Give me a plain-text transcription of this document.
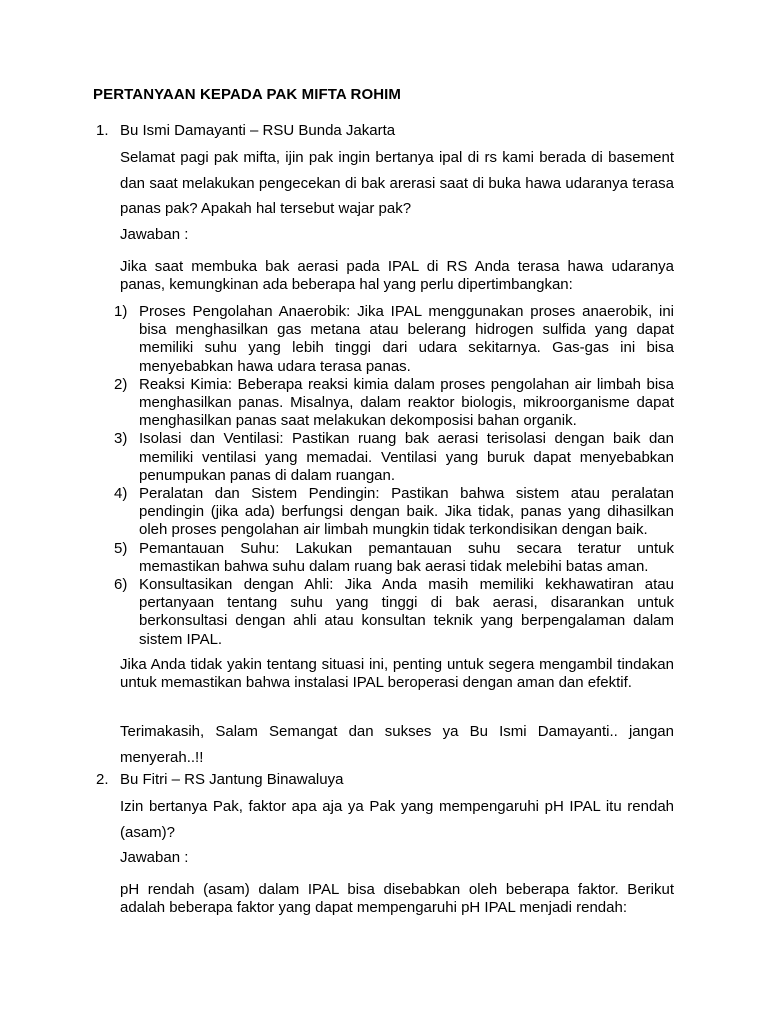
PERTANYAAN KEPADA PAK MIFTA ROHIM
1. Bu Ismi Damayanti – RSU Bunda Jakarta

Selamat pagi pak mifta, ijin pak ingin bertanya ipal di rs kami berada di basement dan saat melakukan pengecekan di bak arerasi saat di buka hawa udaranya terasa panas pak? Apakah hal tersebut wajar pak?

Jawaban :

Jika saat membuka bak aerasi pada IPAL di RS Anda terasa hawa udaranya panas, kemungkinan ada beberapa hal yang perlu dipertimbangkan:
1) Proses Pengolahan Anaerobik: Jika IPAL menggunakan proses anaerobik, ini bisa menghasilkan gas metana atau belerang hidrogen sulfida yang dapat memiliki suhu yang lebih tinggi dari udara sekitarnya. Gas-gas ini bisa menyebabkan hawa udara terasa panas.
2) Reaksi Kimia: Beberapa reaksi kimia dalam proses pengolahan air limbah bisa menghasilkan panas. Misalnya, dalam reaktor biologis, mikroorganisme dapat menghasilkan panas saat melakukan dekomposisi bahan organik.
3) Isolasi dan Ventilasi: Pastikan ruang bak aerasi terisolasi dengan baik dan memiliki ventilasi yang memadai. Ventilasi yang buruk dapat menyebabkan penumpukan panas di dalam ruangan.
4) Peralatan dan Sistem Pendingin: Pastikan bahwa sistem atau peralatan pendingin (jika ada) berfungsi dengan baik. Jika tidak, panas yang dihasilkan oleh proses pengolahan air limbah mungkin tidak terkondisikan dengan baik.
5) Pemantauan Suhu: Lakukan pemantauan suhu secara teratur untuk memastikan bahwa suhu dalam ruang bak aerasi tidak melebihi batas aman.
6) Konsultasikan dengan Ahli: Jika Anda masih memiliki kekhawatiran atau pertanyaan tentang suhu yang tinggi di bak aerasi, disarankan untuk berkonsultasi dengan ahli atau konsultan teknik yang berpengalaman dalam sistem IPAL.
Jika Anda tidak yakin tentang situasi ini, penting untuk segera mengambil tindakan untuk memastikan bahwa instalasi IPAL beroperasi dengan aman dan efektif.
Terimakasih, Salam Semangat dan sukses ya Bu Ismi Damayanti.. jangan menyerah..!!
2. Bu Fitri – RS Jantung Binawaluya

Izin bertanya Pak, faktor apa aja ya Pak yang mempengaruhi pH IPAL itu rendah (asam)?

Jawaban :

pH rendah (asam) dalam IPAL bisa disebabkan oleh beberapa faktor. Berikut adalah beberapa faktor yang dapat mempengaruhi pH IPAL menjadi rendah:
